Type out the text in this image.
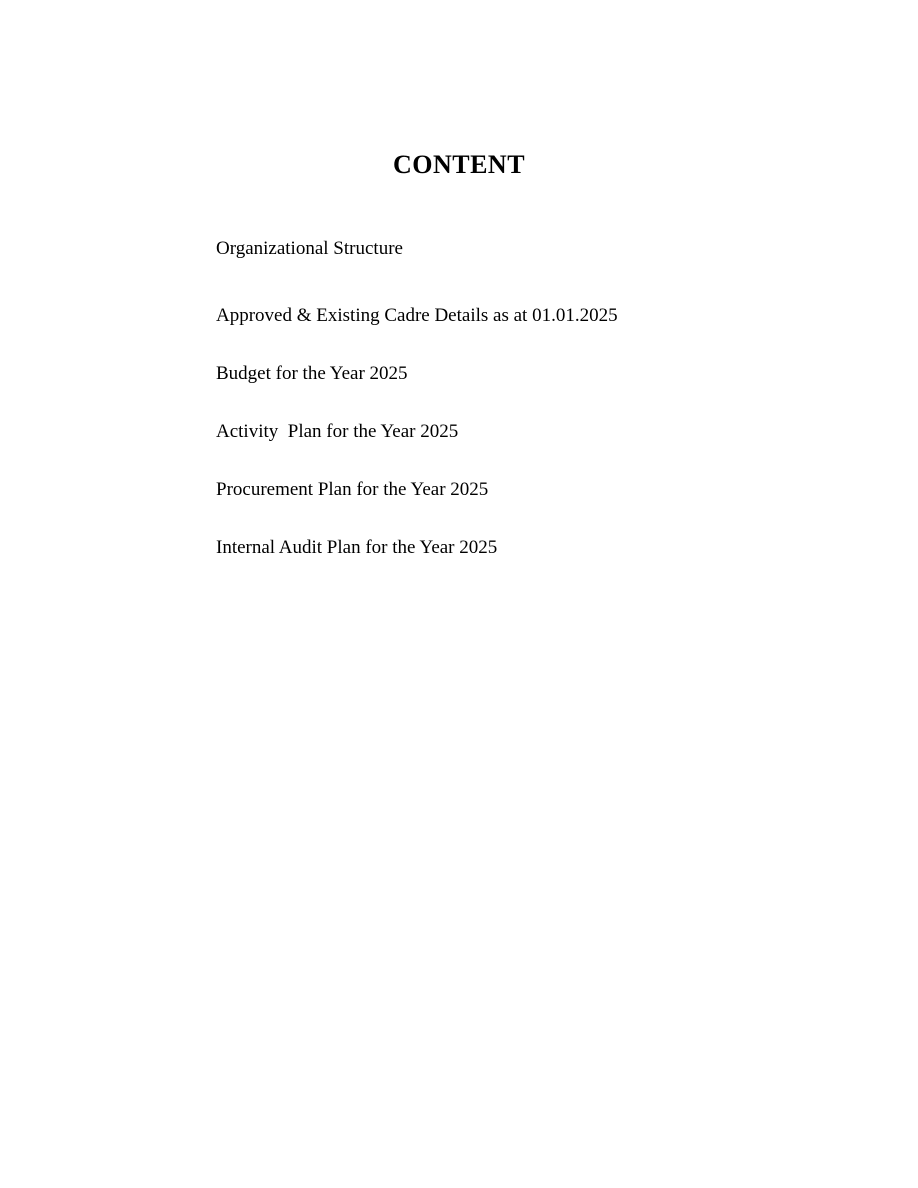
CONTENT
Organizational Structure
Approved & Existing Cadre Details as at 01.01.2025
Budget for the Year 2025
Activity  Plan for the Year 2025
Procurement Plan for the Year 2025
Internal Audit Plan for the Year 2025
